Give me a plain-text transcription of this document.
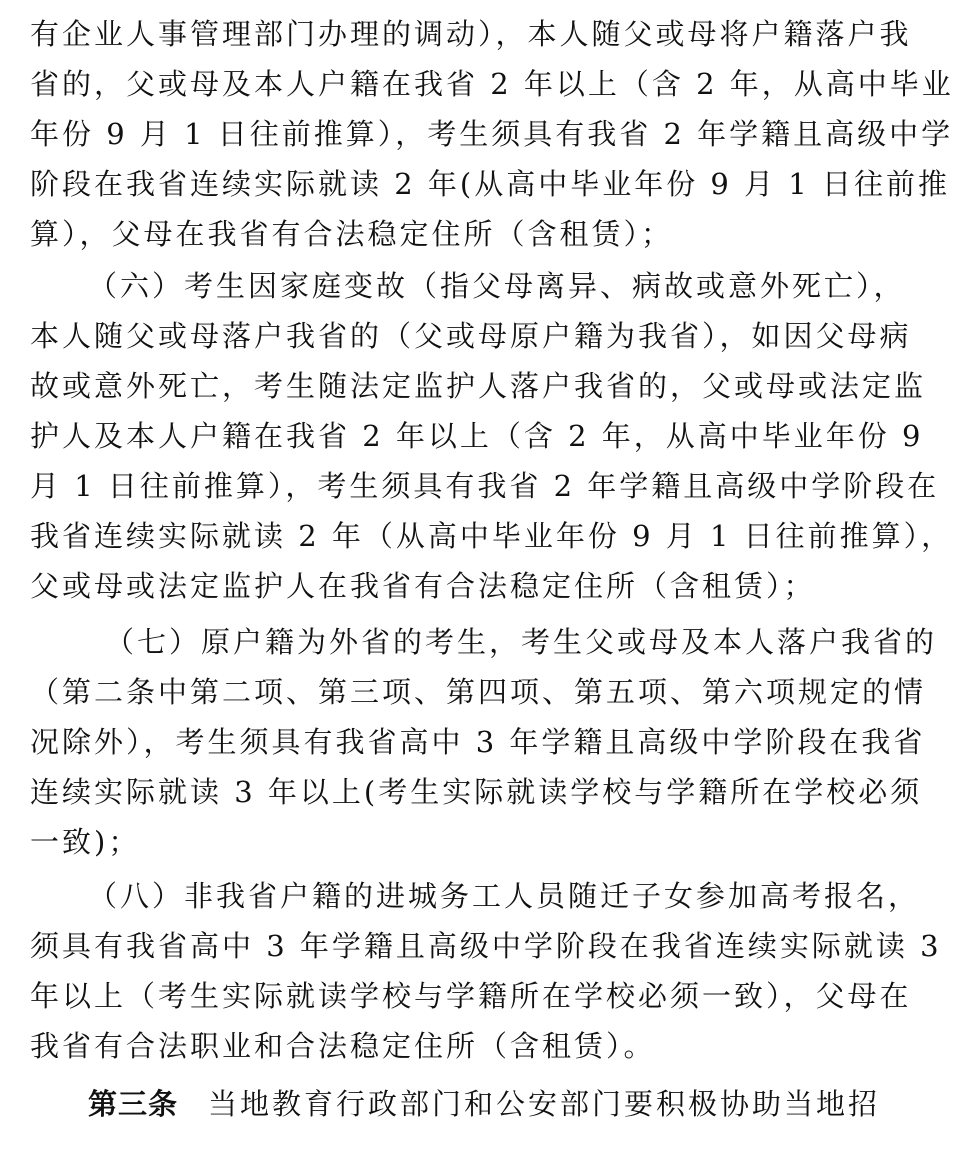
有企业人事管理部门办理的调动），本人随父或母将户籍落户我
省的，父或母及本人户籍在我省 2 年以上（含 2 年，从高中毕业
年份 9 月 1 日往前推算），考生须具有我省 2 年学籍且高级中学
阶段在我省连续实际就读 2 年(从高中毕业年份 9 月 1 日往前推
算），父母在我省有合法稳定住所（含租赁）；
（六）考生因家庭变故（指父母离异、病故或意外死亡），
本人随父或母落户我省的（父或母原户籍为我省），如因父母病
故或意外死亡，考生随法定监护人落户我省的，父或母或法定监
护人及本人户籍在我省 2 年以上（含 2 年，从高中毕业年份 9
月 1 日往前推算），考生须具有我省 2 年学籍且高级中学阶段在
我省连续实际就读 2 年（从高中毕业年份 9 月 1 日往前推算），
父或母或法定监护人在我省有合法稳定住所（含租赁）；
（七）原户籍为外省的考生，考生父或母及本人落户我省的
（第二条中第二项、第三项、第四项、第五项、第六项规定的情
况除外），考生须具有我省高中 3 年学籍且高级中学阶段在我省
连续实际就读 3 年以上(考生实际就读学校与学籍所在学校必须
一致)；
（八）非我省户籍的进城务工人员随迁子女参加高考报名，
须具有我省高中 3 年学籍且高级中学阶段在我省连续实际就读 3
年以上（考生实际就读学校与学籍所在学校必须一致），父母在
我省有合法职业和合法稳定住所（含租赁）。
第三条 当地教育行政部门和公安部门要积极协助当地招
